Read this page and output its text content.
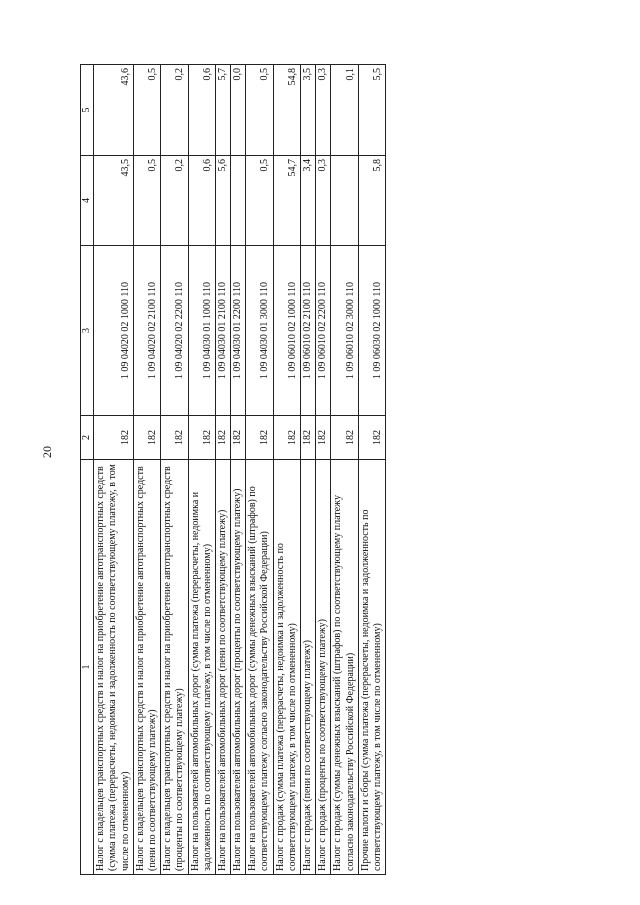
20
1	2	3	4	5
Налог с владельцев транспортных средств и налог на приобретение автотранспортных средств (сумма платежа (перерасчеты, недоимка и задолженность по соответствующему платежу, в том числе по отмененному)	182	1 09 04020 02 1000 110	43,5	43,6
Налог с владельцев транспортных средств и налог на приобретение автотранспортных средств (пени по соответствующему платежу)	182	1 09 04020 02 2100 110	0,5	0,5
Налог с владельцев транспортных средств и налог на приобретение автотранспортных средств (проценты по соответствующему платежу)	182	1 09 04020 02 2200 110	0,2	0,2
Налог на пользователей автомобильных дорог (сумма платежа (перерасчеты, недоимка и задолженность по соответствующему платежу, в том числе по отмененному)	182	1 09 04030 01 1000 110	0,6	0,6
Налог на пользователей автомобильных дорог (пени по соответствующему платежу)	182	1 09 04030 01 2100 110	5,6	5,7
Налог на пользователей автомобильных дорог (проценты по соответствующему платежу)	182	1 09 04030 01 2200 110		0,0
Налог на пользователей автомобильных дорог (суммы денежных взысканий (штрафов) по соответствующему платежу согласно законодательству Российской Федерации)	182	1 09 04030 01 3000 110	0,5	0,5
Налог с продаж (сумма платежа (перерасчеты, недоимка и задолженность по соответствующему платежу, в том числе по отмененному)	182	1 09 06010 02 1000 110	54,7	54,8
Налог с продаж (пени по соответствующему платежу)	182	1 09 06010 02 2100 110	3,4	3,5
Налог с продаж (проценты по соответствующему платежу)	182	1 09 06010 02 2200 110	0,3	0,3
Налог с продаж (суммы денежных взысканий (штрафов) по соответствующему платежу согласно законодательству Российской Федерации)	182	1 09 06010 02 3000 110		0,1
Прочие налоги и сборы (сумма платежа (перерасчеты, недоимка и задолженность по соответствующему платежу, в том числе по отмененному)	182	1 09 06030 02 1000 110	5,8	5,5
